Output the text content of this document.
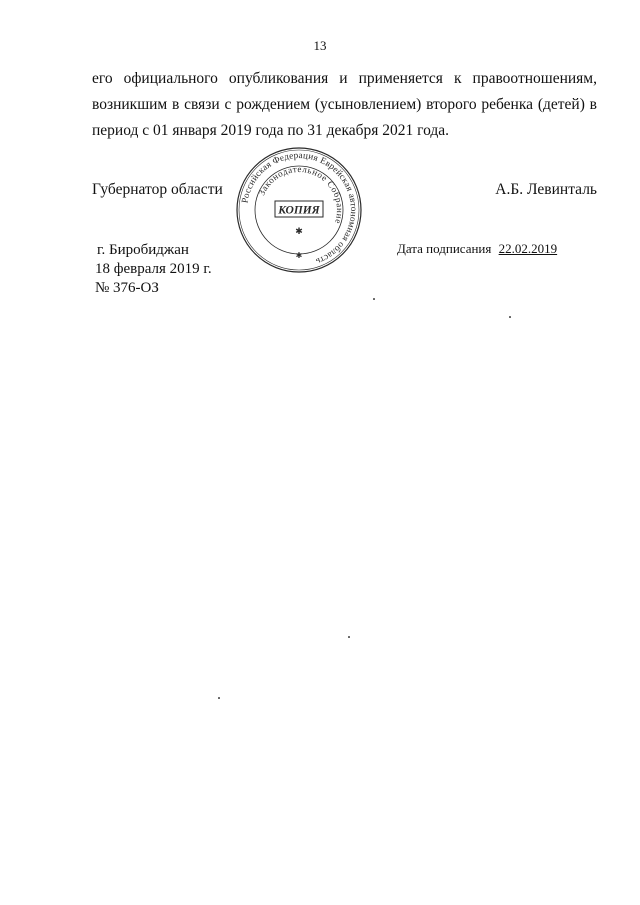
13
его официального опубликования и применяется к правоотношениям,
возникшим в связи с рождением (усыновлением) второго ребенка (детей) в
период с 01 января 2019 года по 31 декабря 2021 года.
Губернатор области	А.Б. Левинталь
Российская Федерация Еврейская автономная область
Законодательное Собрание
КОПИЯ
✱
✱
г. Биробиджан
18 февраля 2019 г.
№ 376-ОЗ
Дата подписания 22.02.2019
